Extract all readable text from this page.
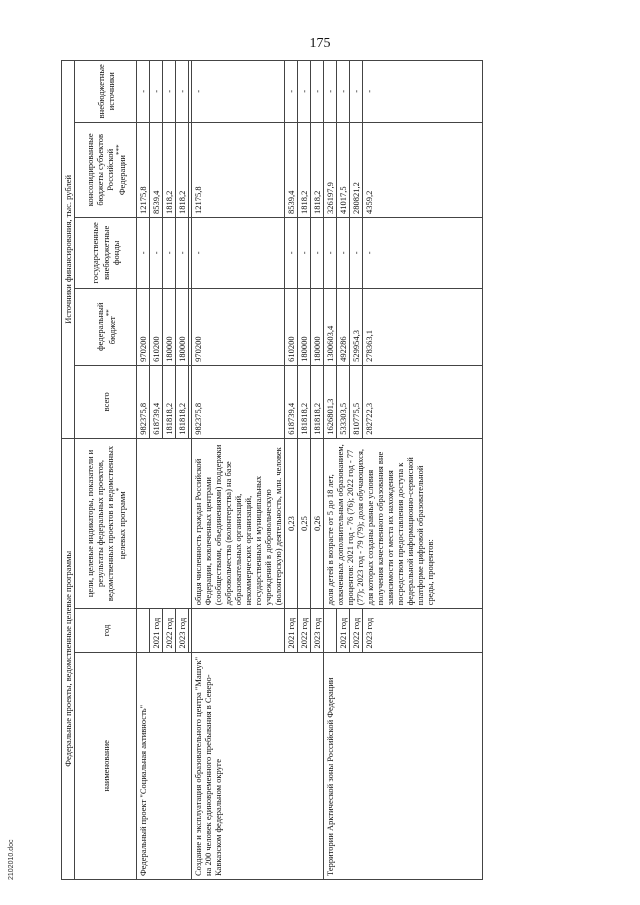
175
Федеральные проекты, ведомственные целевые программы			Источники финансирования, тыс. рублей				
наименование	год	цели, целевые индикаторы, показатели и результаты федеральных проектов, ведомственных проектов и ведомственных целевых программ*	всего	федеральный бюджет**	государственные внебюджетные фонды	консолидированные бюджеты субъектов Российской Федерации***	внебюджетные источники
Федеральный проект "Социальная активность"			982375,8	970200	-	12175,8	-
	2021 год		618739,4	610200	-	8539,4	-
	2022 год		181818,2	180000	-	1818,2	-
	2023 год		181818,2	180000	-	1818,2	-

Создание и эксплуатация образовательного центра "Машук" на 200 человек единовременного пребывания в Северо-Кавказском федеральном округе		общая численность граждан Российской Федерации, вовлеченных центрами (сообществами, объединениями) поддержки добровольчества (волонтерства) на базе образовательных организаций, некоммерческих организаций, государственных и муниципальных учреждений в добровольческую (волонтерскую) деятельность, млн. человек	982375,8	970200	-	12175,8	-
	2021 год	0,23	618739,4	610200	-	8539,4	-
	2022 год	0,25	181818,2	180000	-	1818,2	-
	2023 год	0,26	181818,2	180000	-	1818,2	-
Территории Арктической зоны Российской Федерации		доля детей в возрасте от 5 до 18 лет, охваченных дополнительным образованием, процентов: 2021 год - 76 (76); 2022 год - 77 (77); 2023 год - 79 (79); доля обучающихся, для которых созданы равные условия получения качественного образования вне зависимости от места их нахождения посредством предоставления доступа к федеральной информационно-сервисной платформе цифровой образовательной среды, процентов:	1626801,3	1300603,4	-	326197,9	-
	2021 год		533303,5	492286	-	41017,5	-
	2022 год		810775,5	529954,3	-	280821,2	-
	2023 год		282722,3	278363,1	-	4359,2	-
2102010.doc
